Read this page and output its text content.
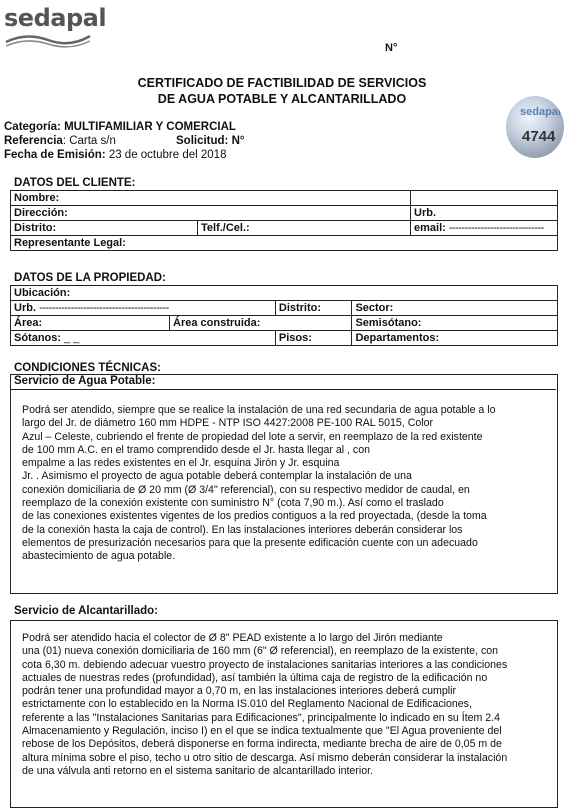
sedapal
N°
CERTIFICADO DE FACTIBILIDAD DE SERVICIOS
DE AGUA POTABLE Y ALCANTARILLADO
sedapal
4744
Categoría: MULTIFAMILIAR Y COMERCIAL
Referencia: Carta s/n	Solicitud: N°
Fecha de Emisión: 23 de octubre del 2018
DATOS DEL CLIENTE:
Nombre:		
Dirección:		Urb.
Distrito:	Telf./Cel.:	email: ------------------------------
Representante Legal:		
DATOS DE LA PROPIEDAD:
Ubicación:			
Urb. -----------------------------------------		Distrito:	Sector:
Área:	Área construida:		Semisótano:
Sótanos: _ _		Pisos:	Departamentos:
CONDICIONES TÉCNICAS:
Servicio de Agua Potable:
Podrá ser atendido, siempre que se realice la instalación de una red secundaria de agua potable a lo
largo del Jr. de diámetro 160 mm HDPE - NTP ISO 4427:2008 PE-100 RAL 5015, Color
Azul – Celeste, cubriendo el frente de propiedad del lote a servir, en reemplazo de la red existente
de 100 mm A.C. en el tramo comprendido desde el Jr. hasta llegar al , con
empalme a las redes existentes en el Jr. esquina Jirón y Jr. esquina
Jr. . Asimismo el proyecto de agua potable deberá contemplar la instalación de una
conexión domiciliaria de Ø 20 mm (Ø 3/4" referencial), con su respectivo medidor de caudal, en
reemplazo de la conexión existente con suministro N° (cota 7,90 m.). Así como el traslado
de las conexiones existentes vigentes de los predios contiguos a la red proyectada, (desde la toma
de la conexión hasta la caja de control). En las instalaciones interiores deberán considerar los
elementos de presurización necesarios para que la presente edificación cuente con un adecuado
abastecimiento de agua potable.
Servicio de Alcantarillado:
Podrá ser atendido hacia el colector de Ø 8" PEAD existente a lo largo del Jirón mediante
una (01) nueva conexión domiciliaria de 160 mm (6" Ø referencial), en reemplazo de la existente, con
cota 6,30 m. debiendo adecuar vuestro proyecto de instalaciones sanitarias interiores a las condiciones
actuales de nuestras redes (profundidad), así también la última caja de registro de la edificación no
podrán tener una profundidad mayor a 0,70 m, en las instalaciones interiores deberá cumplir
estrictamente con lo establecido en la Norma IS.010 del Reglamento Nacional de Edificaciones,
referente a las "Instalaciones Sanitarias para Edificaciones", principalmente lo indicado en su Ítem 2.4
Almacenamiento y Regulación, inciso I) en el que se indica textualmente que "El Agua proveniente del
rebose de los Depósitos, deberá disponerse en forma indirecta, mediante brecha de aire de 0,05 m de
altura mínima sobre el piso, techo u otro sitio de descarga. Así mismo deberán considerar la instalación
de una válvula anti retorno en el sistema sanitario de alcantarillado interior.
